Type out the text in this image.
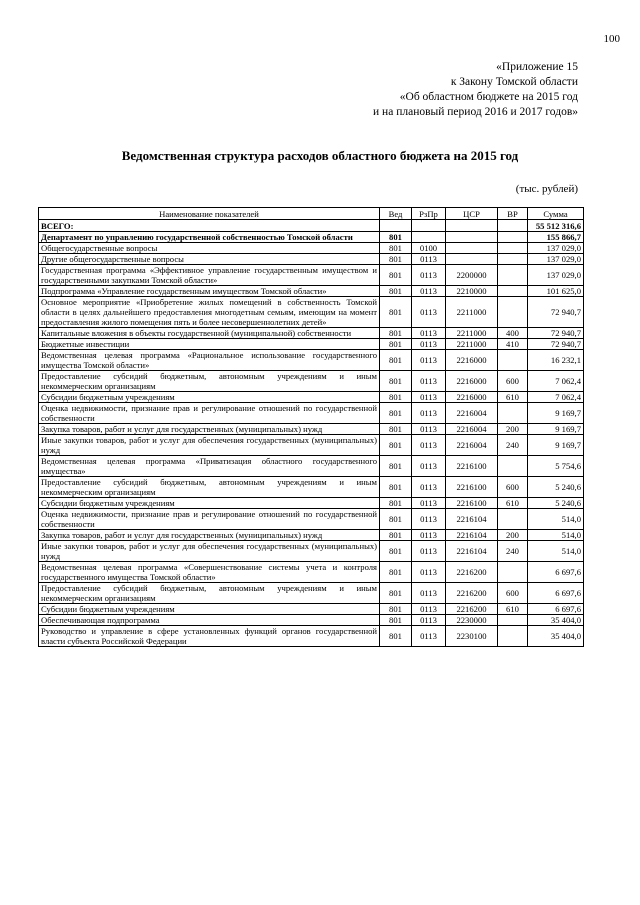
100
«Приложение 15
к Закону Томской области
«Об областном бюджете на 2015 год
и на плановый период 2016 и 2017 годов»
Ведомственная структура расходов областного бюджета на 2015 год
(тыс. рублей)
Наименование показателей	Вед	РзПр	ЦСР	ВР	Сумма
ВСЕГО:					55 512 316,6
Департамент по управлению государственной собственностью Томской области	801				155 866,7
Общегосударственные вопросы	801	0100			137 029,0
Другие общегосударственные вопросы	801	0113			137 029,0
Государственная программа «Эффективное управление государственным имуществом и государственными закупками Томской области»	801	0113	2200000		137 029,0
Подпрограмма «Управление государственным имуществом Томской области»	801	0113	2210000		101 625,0
Основное мероприятие «Приобретение жилых помещений в собственность Томской области в целях дальнейшего предоставления многодетным семьям, имеющим на момент предоставления жилого помещения пять и более несовершеннолетних детей»	801	0113	2211000		72 940,7
Капитальные вложения в объекты государственной (муниципальной) собственности	801	0113	2211000	400	72 940,7
Бюджетные инвестиции	801	0113	2211000	410	72 940,7
Ведомственная целевая программа «Рациональное использование государственного имущества Томской области»	801	0113	2216000		16 232,1
Предоставление субсидий бюджетным, автономным учреждениям и иным некоммерческим организациям	801	0113	2216000	600	7 062,4
Субсидии бюджетным учреждениям	801	0113	2216000	610	7 062,4
Оценка недвижимости, признание прав и регулирование отношений по государственной собственности	801	0113	2216004		9 169,7
Закупка товаров, работ и услуг для государственных (муниципальных) нужд	801	0113	2216004	200	9 169,7
Иные закупки товаров, работ и услуг для обеспечения государственных (муниципальных) нужд	801	0113	2216004	240	9 169,7
Ведомственная целевая программа «Приватизация областного государственного имущества»	801	0113	2216100		5 754,6
Предоставление субсидий бюджетным, автономным учреждениям и иным некоммерческим организациям	801	0113	2216100	600	5 240,6
Субсидии бюджетным учреждениям	801	0113	2216100	610	5 240,6
Оценка недвижимости, признание прав и регулирование отношений по государственной собственности	801	0113	2216104		514,0
Закупка товаров, работ и услуг для государственных (муниципальных) нужд	801	0113	2216104	200	514,0
Иные закупки товаров, работ и услуг для обеспечения государственных (муниципальных) нужд	801	0113	2216104	240	514,0
Ведомственная целевая программа «Совершенствование системы учета и контроля государственного имущества Томской области»	801	0113	2216200		6 697,6
Предоставление субсидий бюджетным, автономным учреждениям и иным некоммерческим организациям	801	0113	2216200	600	6 697,6
Субсидии бюджетным учреждениям	801	0113	2216200	610	6 697,6
Обеспечивающая подпрограмма	801	0113	2230000		35 404,0
Руководство и управление в сфере установленных функций органов государственной власти субъекта Российской Федерации	801	0113	2230100		35 404,0
